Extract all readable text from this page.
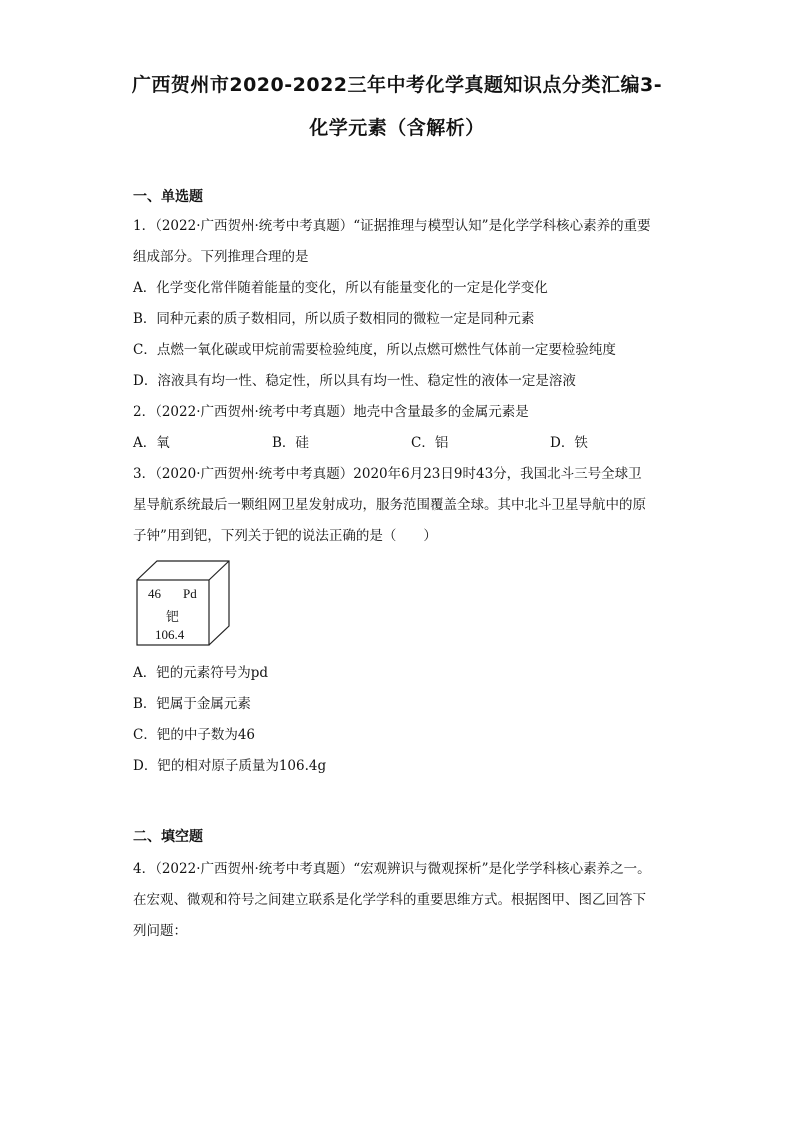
广西贺州市2020-2022三年中考化学真题知识点分类汇编3-
化学元素（含解析）
一、单选题
1．（2022·广西贺州·统考中考真题）“证据推理与模型认知”是化学学科核心素养的重要
组成部分。下列推理合理的是
A．化学变化常伴随着能量的变化，所以有能量变化的一定是化学变化
B．同种元素的质子数相同，所以质子数相同的微粒一定是同种元素
C．点燃一氧化碳或甲烷前需要检验纯度，所以点燃可燃性气体前一定要检验纯度
D．溶液具有均一性、稳定性，所以具有均一性、稳定性的液体一定是溶液
2．（2022·广西贺州·统考中考真题）地壳中含量最多的金属元素是
A．氧	B．硅	C．铝	D．铁
3．（2020·广西贺州·统考中考真题）2020年6月23日9时43分，我国北斗三号全球卫
星导航系统最后一颗组网卫星发射成功，服务范围覆盖全球。其中北斗卫星导航中的原
子钟”用到钯，下列关于钯的说法正确的是（　　）
46 Pd
钯
106.4
A．钯的元素符号为pd
B．钯属于金属元素
C．钯的中子数为46
D．钯的相对原子质量为106.4g
二、填空题
4．（2022·广西贺州·统考中考真题）“宏观辨识与微观探析”是化学学科核心素养之一。
在宏观、微观和符号之间建立联系是化学学科的重要思维方式。根据图甲、图乙回答下
列问题：
